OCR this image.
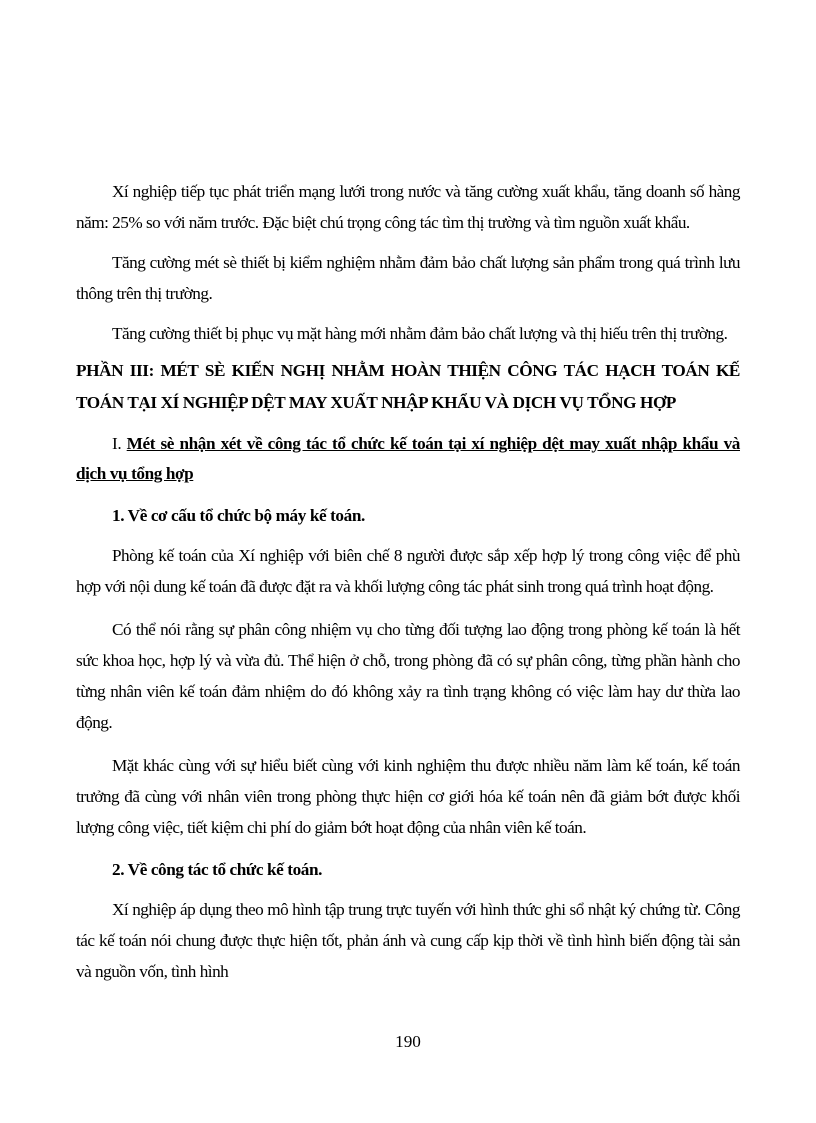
Xí nghiệp tiếp tục phát triển mạng lưới trong nước và tăng cường xuất khẩu, tăng doanh số hàng năm: 25% so với năm trước. Đặc biệt chú trọng công tác tìm thị trường và tìm nguồn xuất khẩu.

Tăng cường mét sè thiết bị kiểm nghiệm nhằm đảm bảo chất lượng sản phẩm trong quá trình lưu thông trên thị trường.

Tăng cường thiết bị phục vụ mặt hàng mới nhằm đảm bảo chất lượng và thị hiếu trên thị trường.

PHẦN III: MÉT SÈ KIẾN NGHỊ NHẰM HOÀN THIỆN CÔNG TÁC HẠCH TOÁN KẾ TOÁN TẠI XÍ NGHIỆP DỆT MAY XUẤT NHẬP KHẨU VÀ DỊCH VỤ TỔNG HỢP
I. Mét sè nhận xét về công tác tổ chức kế toán tại xí nghiệp dệt may xuất nhập khẩu và dịch vụ tổng hợp
1. Về cơ cấu tổ chức bộ máy kế toán.

Phòng kế toán của Xí nghiệp với biên chế 8 người được sắp xếp hợp lý trong công việc để phù hợp với nội dung kế toán đã được đặt ra và khối lượng công tác phát sinh trong quá trình hoạt động.

Có thể nói rằng sự phân công nhiệm vụ cho từng đối tượng lao động trong phòng kế toán là hết sức khoa học, hợp lý và vừa đủ. Thể hiện ở chỗ, trong phòng đã có sự phân công, từng phần hành cho từng nhân viên kế toán đảm nhiệm do đó không xảy ra tình trạng không có việc làm hay dư thừa lao động.

Mặt khác cùng với sự hiểu biết cùng với kinh nghiệm thu được nhiều năm làm kế toán, kế toán trưởng đã cùng với nhân viên trong phòng thực hiện cơ giới hóa kế toán nên đã giảm bớt được khối lượng công việc, tiết kiệm chi phí do giảm bớt hoạt động của nhân viên kế toán.

2. Về công tác tổ chức kế toán.

Xí nghiệp áp dụng theo mô hình tập trung trực tuyến với hình thức ghi sổ nhật ký chứng từ. Công tác kế toán nói chung được thực hiện tốt, phản ánh và cung cấp kịp thời về tình hình biến động tài sản và nguồn vốn, tình hình

190
